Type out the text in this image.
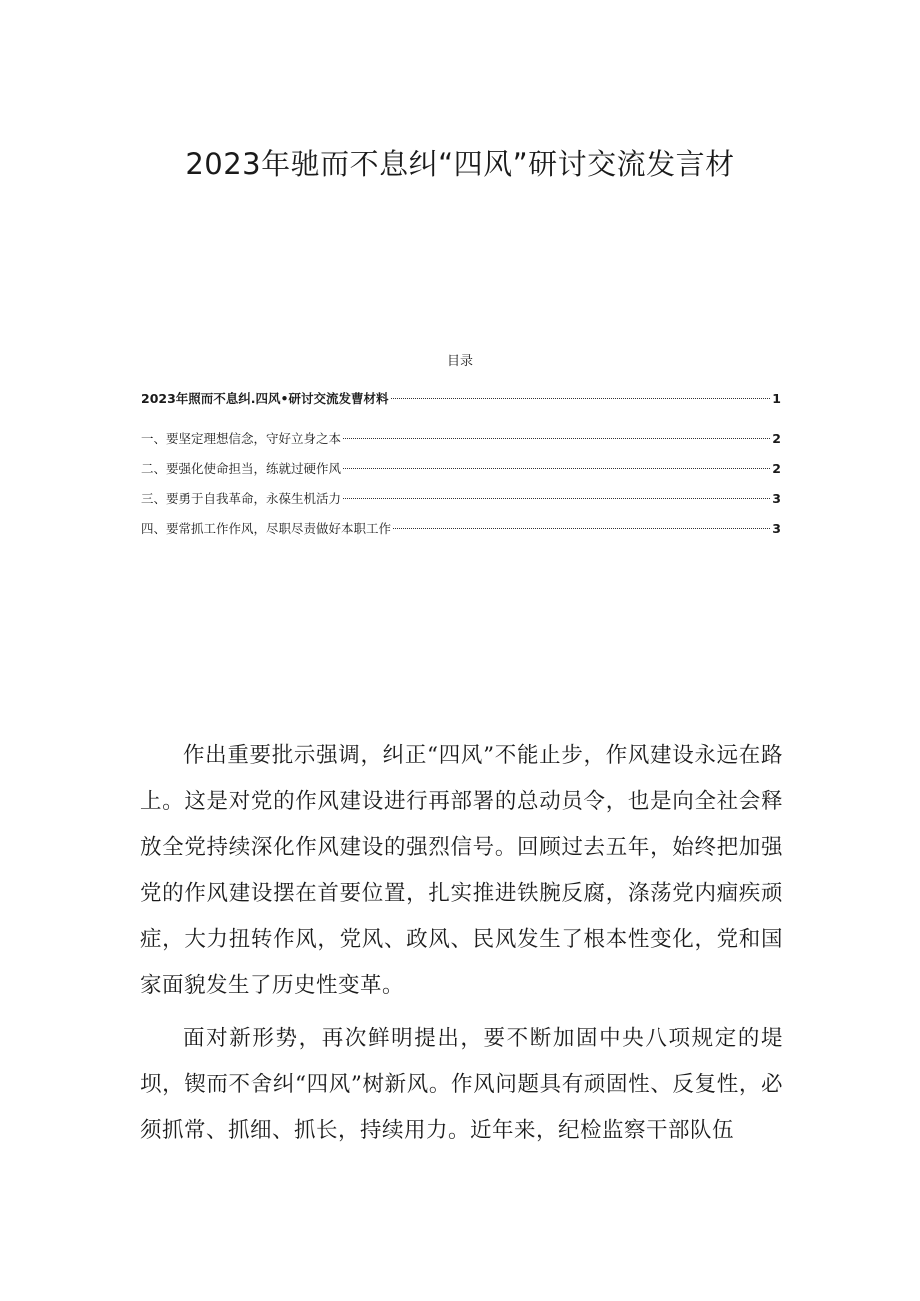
2023年驰而不息纠“四风”研讨交流发言材
目录
2023年照而不息纠.四风•研讨交流发曹材料	1
一、要坚定理想信念，守好立身之本	2
二、要强化使命担当，练就过硬作风	2
三、要勇于自我革命，永葆生机活力	3
四、要常抓工作作风，尽职尽责做好本职工作	3

作出重要批示强调，纠正“四风”不能止步，作风建设永远在路上。这是对党的作风建设进行再部署的总动员令，也是向全社会释放全党持续深化作风建设的强烈信号。回顾过去五年，始终把加强党的作风建设摆在首要位置，扎实推进铁腕反腐，涤荡党内痼疾顽症，大力扭转作风，党风、政风、民风发生了根本性变化，党和国家面貌发生了历史性变革。

面对新形势，再次鲜明提出，要不断加固中央八项规定的堤坝，锲而不舍纠“四风”树新风。作风问题具有顽固性、反复性，必须抓常、抓细、抓长，持续用力。近年来，纪检监察干部队伍
